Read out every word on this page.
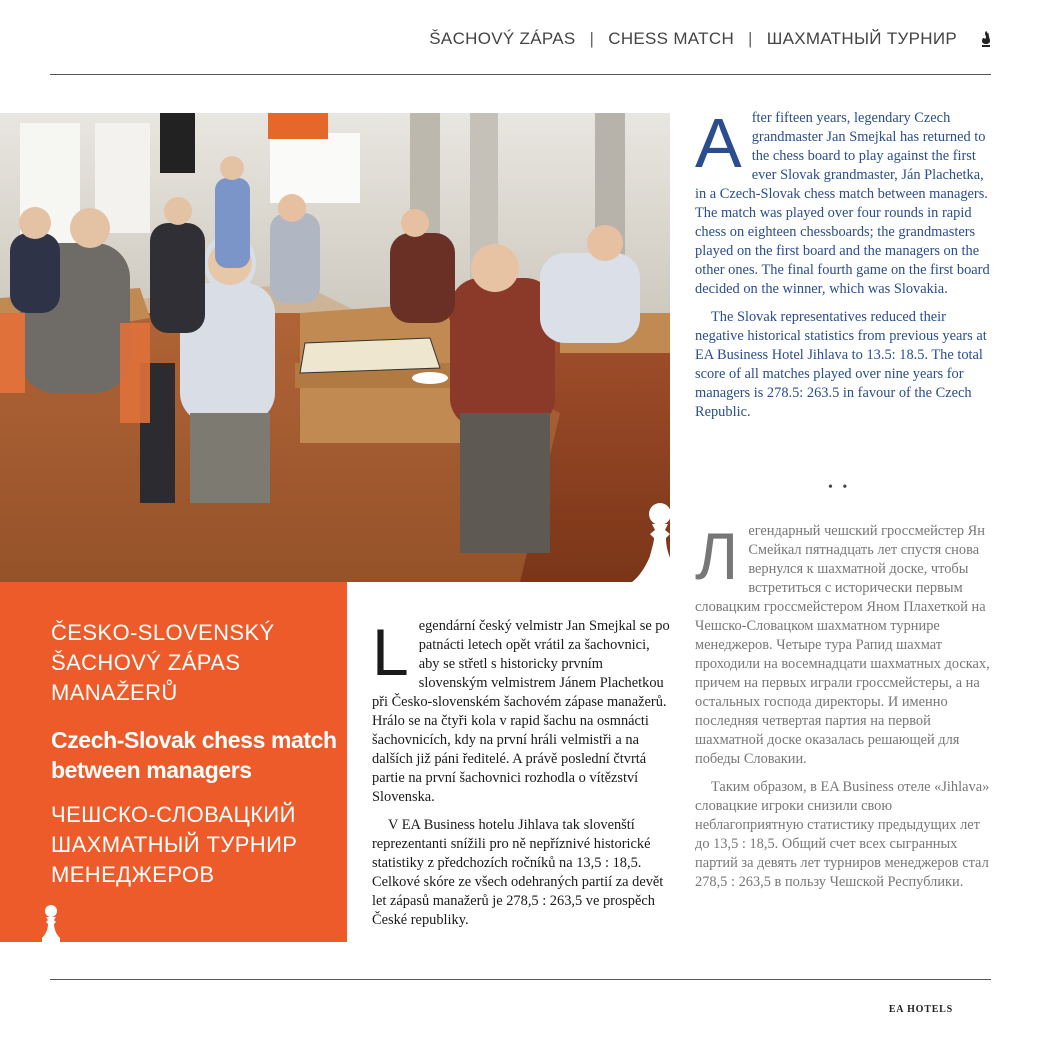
ŠACHOVÝ ZÁPAS | CHESS MATCH | ШАХМАТНЫЙ ТУРНИР
ČESKO-SLOVENSKÝ ŠACHOVÝ ZÁPAS MANAŽERŮ
Czech-Slovak chess match between managers
ЧЕШСКО-СЛОВАЦКИЙ ШАХМАТНЫЙ ТУРНИР МЕНЕДЖЕРОВ

After fifteen years, legendary Czech grandmaster Jan Smejkal has returned to the chess board to play against the first ever Slovak grandmaster, Ján Plachetka, in a Czech-Slovak chess match between managers. The match was played over four rounds in rapid chess on eighteen chessboards; the grandmasters played on the first board and the managers on the other ones. The final fourth game on the first board decided on the winner, which was Slovakia.

The Slovak representatives reduced their negative historical statistics from previous years at EA Business Hotel Jihlava to 13.5: 18.5. The total score of all matches played over nine years for managers is 278.5: 263.5 in favour of the Czech Republic.

• •

Legendární český velmistr Jan Smejkal se po patnácti letech opět vrátil za šachovnici, aby se střetl s historicky prvním slovenským velmistrem Jánem Plachetkou při Česko-slovenském šachovém zápase manažerů. Hrálo se na čtyři kola v rapid šachu na osmnácti šachovnicích, kdy na první hráli velmistři a na dalších již páni ředitelé. A právě poslední čtvrtá partie na první šachovnici rozhodla o vítězství Slovenska.

V EA Business hotelu Jihlava tak slovenští reprezentanti snížili pro ně nepříznivé historické statistiky z předchozích ročníků na 13,5 : 18,5. Celkové skóre ze všech odehraných partií za devět let zápasů manažerů je 278,5 : 263,5 ve prospěch České republiky.

Легендарный чешский гроссмейстер Ян Смейкал пятнадцать лет спустя снова вернулся к шахматной доске, чтобы встретиться с исторически первым словацким гроссмейстером Яном Плахеткой на Чешско-Словацком шахматном турнире менеджеров. Четыре тура Рапид шахмат проходили на восемнадцати шахматных досках, причем на первых играли гроссмейстеры, а на остальных господа директоры. И именно последняя четвертая партия на первой шахматной доске оказалась решающей для победы Словакии.

Таким образом, в EA Business отеле «Jihlava» словацкие игроки снизили свою неблагоприятную статистику предыдущих лет до 13,5 : 18,5. Общий счет всех сыгранных партий за девять лет турниров менеджеров стал 278,5 : 263,5 в пользу Чешской Республики.

EA HOTELS
